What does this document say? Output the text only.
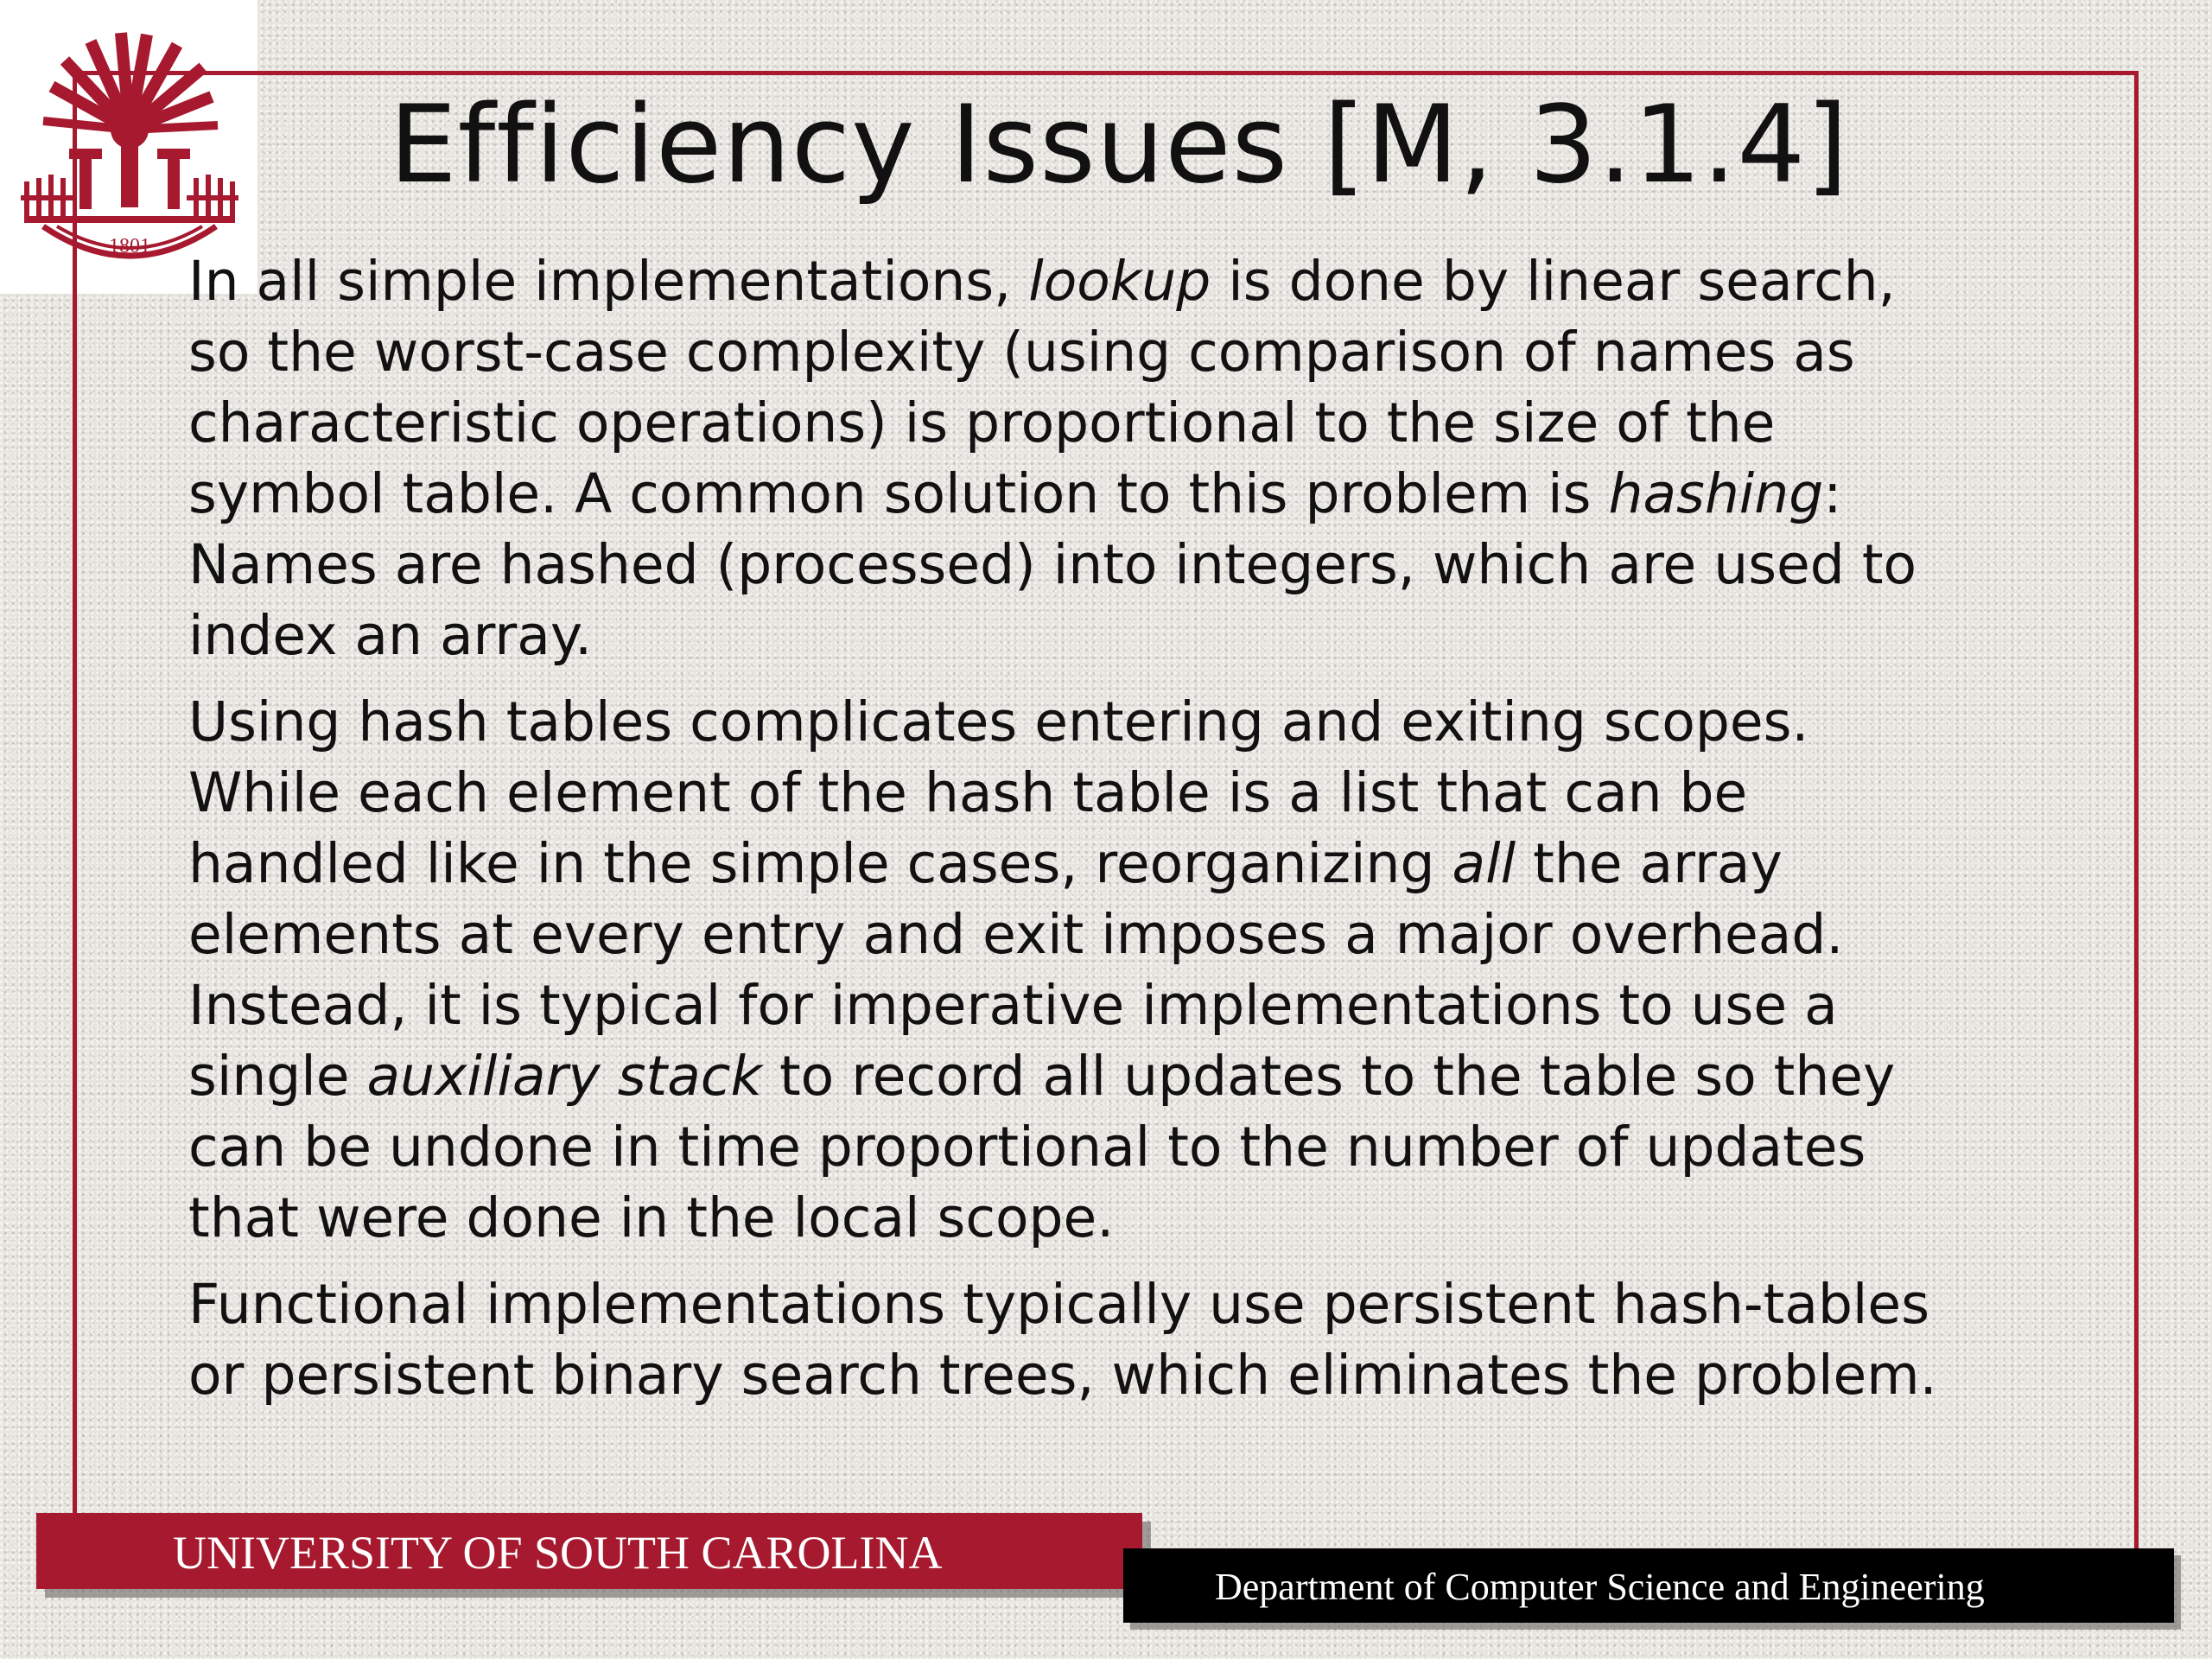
1801
Efficiency Issues [M, 3.1.4]

In all simple implementations, lookup is done by linear search,
so the worst-case complexity (using comparison of names as
characteristic operations) is proportional to the size of the
symbol table. A common solution to this problem is hashing:
Names are hashed (processed) into integers, which are used to
index an array.

Using hash tables complicates entering and exiting scopes.
While each element of the hash table is a list that can be
handled like in the simple cases, reorganizing all the array
elements at every entry and exit imposes a major overhead.
Instead, it is typical for imperative implementations to use a
single auxiliary stack to record all updates to the table so they
can be undone in time proportional to the number of updates
that were done in the local scope.

Functional implementations typically use persistent hash-tables
or persistent binary search trees, which eliminates the problem.

UNIVERSITY OF SOUTH CAROLINA
Department of Computer Science and Engineering
